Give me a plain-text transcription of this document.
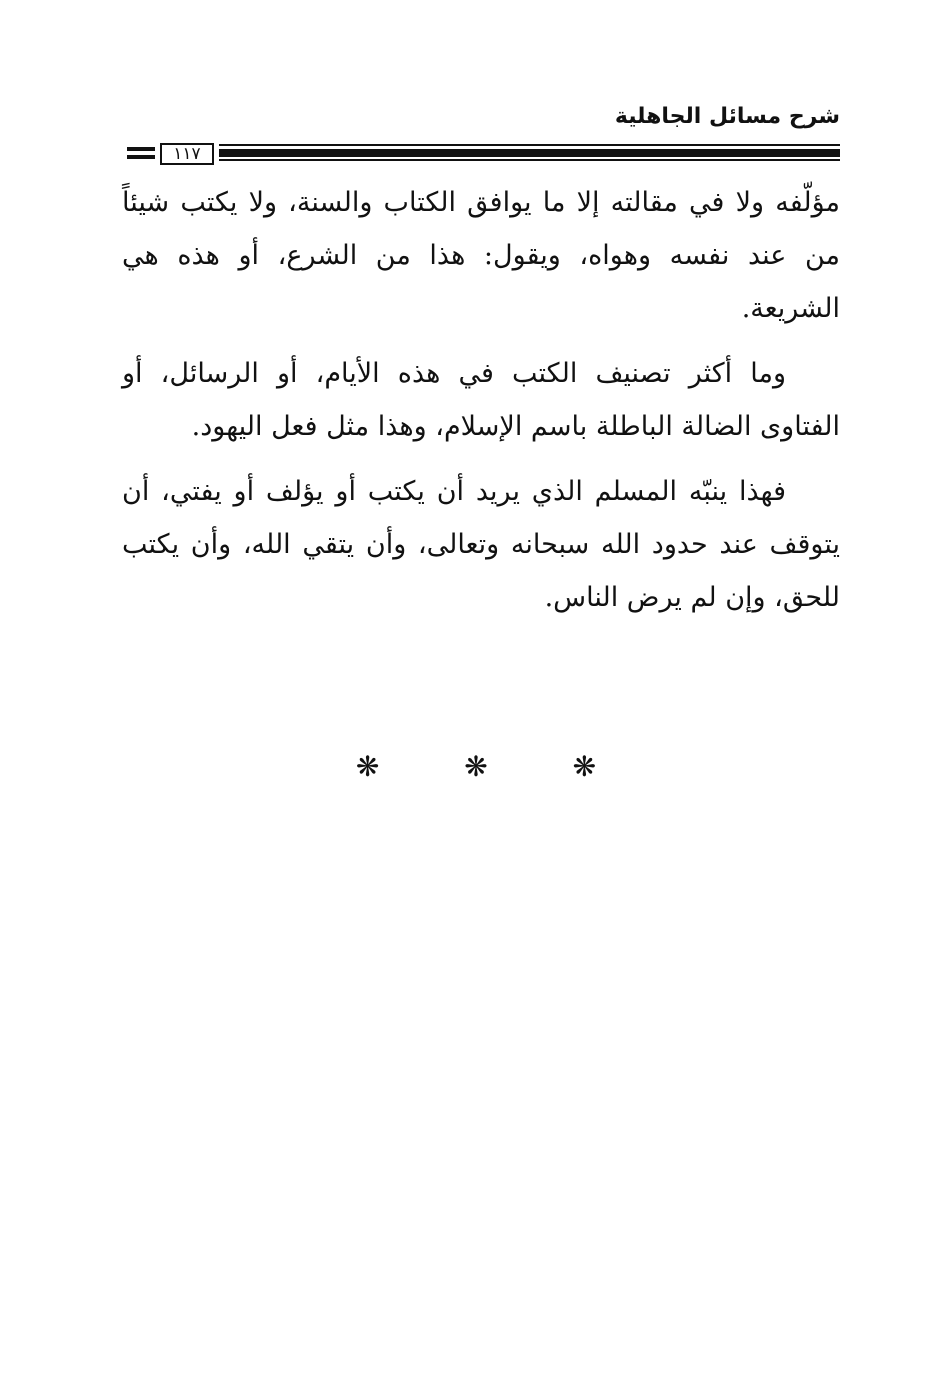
شرح مسائل الجاهلية
١١٧

مؤلّفه ولا في مقالته إلا ما يوافق الكتاب والسنة، ولا يكتب شيئاً من عند نفسه وهواه، ويقول: هذا من الشرع، أو هذه هي الشريعة.

وما أكثر تصنيف الكتب في هذه الأيام، أو الرسائل، أو الفتاوى الضالة الباطلة باسم الإسلام، وهذا مثل فعل اليهود.

فهذا ينبّه المسلم الذي يريد أن يكتب أو يؤلف أو يفتي، أن يتوقف عند حدود الله سبحانه وتعالى، وأن يتقي الله، وأن يكتب للحق، وإن لم يرض الناس.

❋ ❋ ❋
